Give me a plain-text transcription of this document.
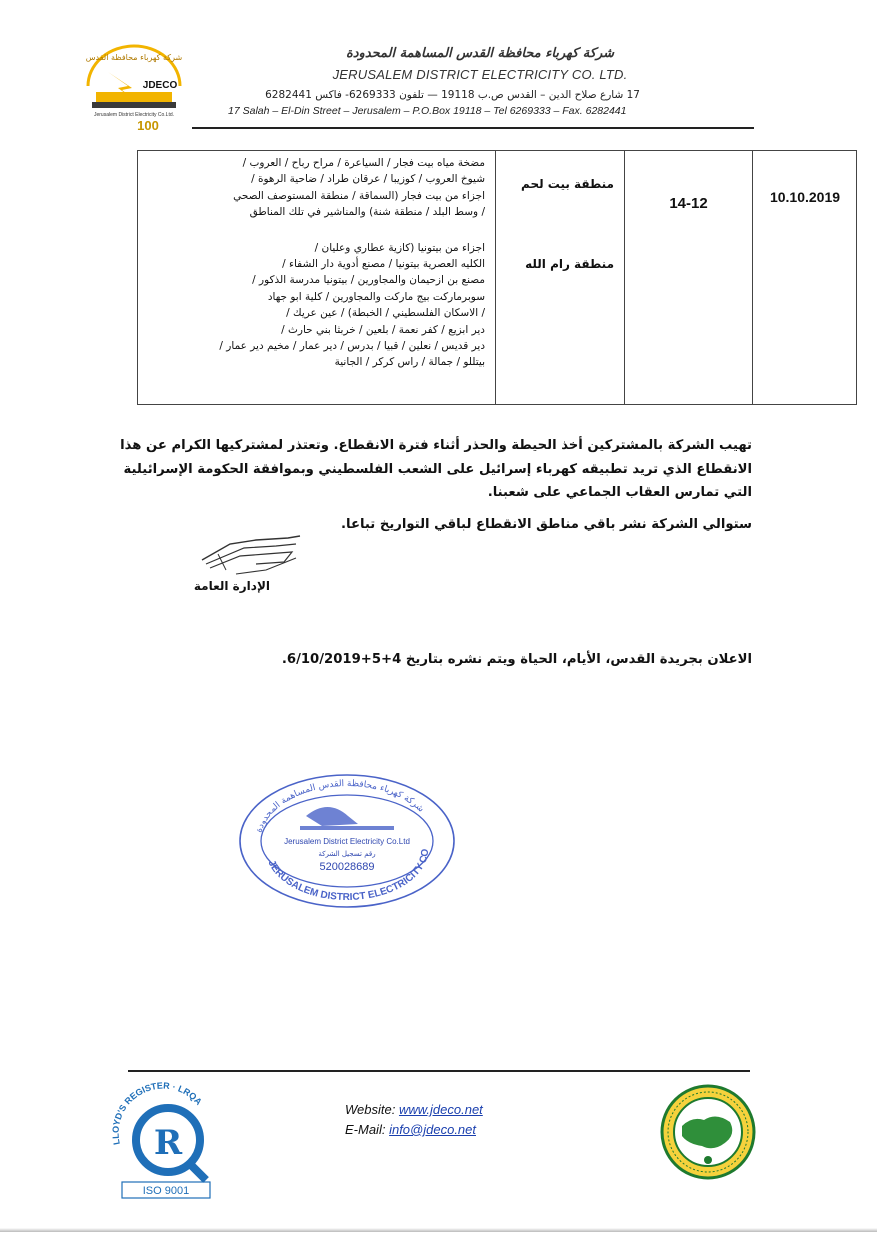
شركة كهرباء محافظة القدس
JDECO
Jerusalem District Electricity Co.Ltd.
100
شركة كهرباء محافظة القدس المساهمة المحدودة
JERUSALEM DISTRICT ELECTRICITY CO. LTD.
17 شارع صلاح الدين – القدس ص.ب 19118 — تلفون 6269333- فاكس 6282441
17 Salah – El-Din Street – Jerusalem – P.O.Box 19118 – Tel 6269333 – Fax. 6282441

مضخة مياه بيت فجار / السياعرة / مراح رباح / العروب /

شيوخ العروب / كوزيبا / عرقان طراد / ضاحية الرهوة /

اجزاء من بيت فجار (السماقة / منطقة المستوصف الصحي

/ وسط البلد / منطقة شنة) والمناشير في تلك المناطق

اجزاء من بيتونيا (كازية عطاري وعليان /

الكليه العصرية بيتونيا / مصنع أدوية دار الشفاء /

مصنع بن ازحيمان والمجاورين / بيتونيا مدرسة الذكور /

سوبرماركت بيج ماركت والمجاورين / كلية ابو جهاد

/ الاسكان الفلسطيني / الخبطة) / عين عريك /

دير ابزيع / كفر نعمة / بلعين / خربثا بني حارث /

دير قديس / نعلين / قبيا / بدرس / دير عمار / مخيم دير عمار /

بيتللو / جمالة / راس كركر / الجانية

منطقة بيت لحم
منطقة رام الله
14-12	10.10.2019
تهيب الشركة بالمشتركين أخذ الحيطة والحذر أثناء فترة الانقطاع. وتعتذر لمشتركيها الكرام عن هذا الانقطاع الذي تريد تطبيقه كهرباء إسرائيل على الشعب الفلسطيني وبموافقة الحكومة الإسرائيلية التي تمارس العقاب الجماعي على شعبنا.
ستوالي الشركة نشر باقي مناطق الانقطاع لباقي التواريخ تباعا.
الإدارة العامة
الاعلان بجريدة القدس، الأيام، الحياة ويتم نشره بتاريخ 4+5+6/10/2019.
شركة كهرباء محافظة القدس المساهمة المحدودة
JERUSALEM DISTRICT ELECTRICITY CO
Jerusalem District Electricity Co.Ltd
رقم تسجيل الشركة
520028689
LLOYD'S REGISTER · LRQA
R
ISO 9001
Website: www.jdeco.net
E-Mail: info@jdeco.net
